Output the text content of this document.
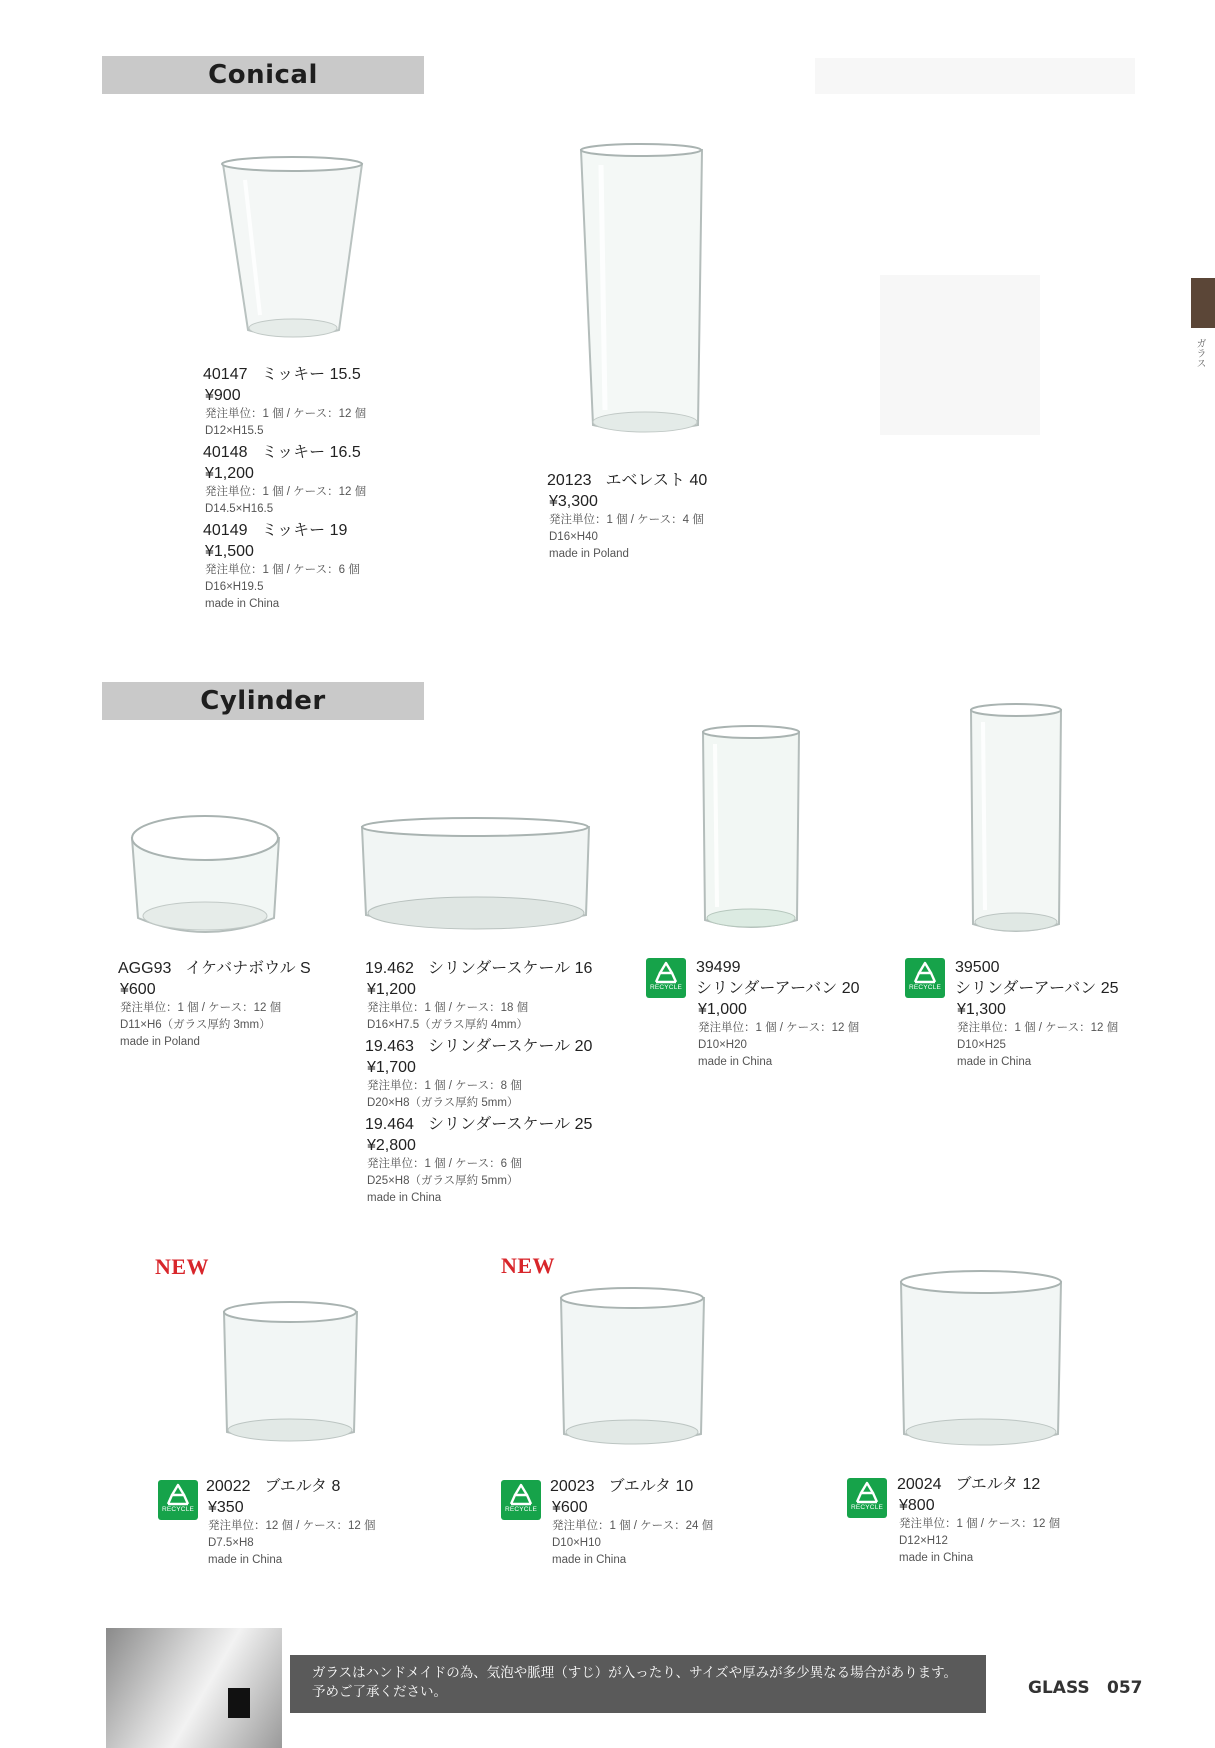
Conical
Cylinder
ガラス
40147 ミッキー 15.5
¥900
発注単位：1 個 / ケース：12 個
D12×H15.5
40148 ミッキー 16.5
¥1,200
発注単位：1 個 / ケース：12 個
D14.5×H16.5
40149 ミッキー 19
¥1,500
発注単位：1 個 / ケース：6 個
D16×H19.5
made in China
20123 エベレスト 40
¥3,300
発注単位：1 個 / ケース：4 個
D16×H40
made in Poland
AGG93 イケバナボウル S
¥600
発注単位：1 個 / ケース：12 個
D11×H6（ガラス厚約 3mm）
made in Poland
19.462 シリンダースケール 16
¥1,200
発注単位：1 個 / ケース：18 個
D16×H7.5（ガラス厚約 4mm）
19.463 シリンダースケール 20
¥1,700
発注単位：1 個 / ケース：8 個
D20×H8（ガラス厚約 5mm）
19.464 シリンダースケール 25
¥2,800
発注単位：1 個 / ケース：6 個
D25×H8（ガラス厚約 5mm）
made in China
RECYCLE
39499
シリンダーアーバン 20
¥1,000
発注単位：1 個 / ケース：12 個
D10×H20
made in China
RECYCLE
39500
シリンダーアーバン 25
¥1,300
発注単位：1 個 / ケース：12 個
D10×H25
made in China
NEW	NEW
RECYCLE
20022 ブエルタ 8
¥350
発注単位：12 個 / ケース：12 個
D7.5×H8
made in China
RECYCLE
20023 ブエルタ 10
¥600
発注単位：1 個 / ケース：24 個
D10×H10
made in China
RECYCLE
20024 ブエルタ 12
¥800
発注単位：1 個 / ケース：12 個
D12×H12
made in China
ガラスはハンドメイドの為、気泡や脈理（すじ）が入ったり、サイズや厚みが多少異なる場合があります。
予めご了承ください。	GLASS 057
